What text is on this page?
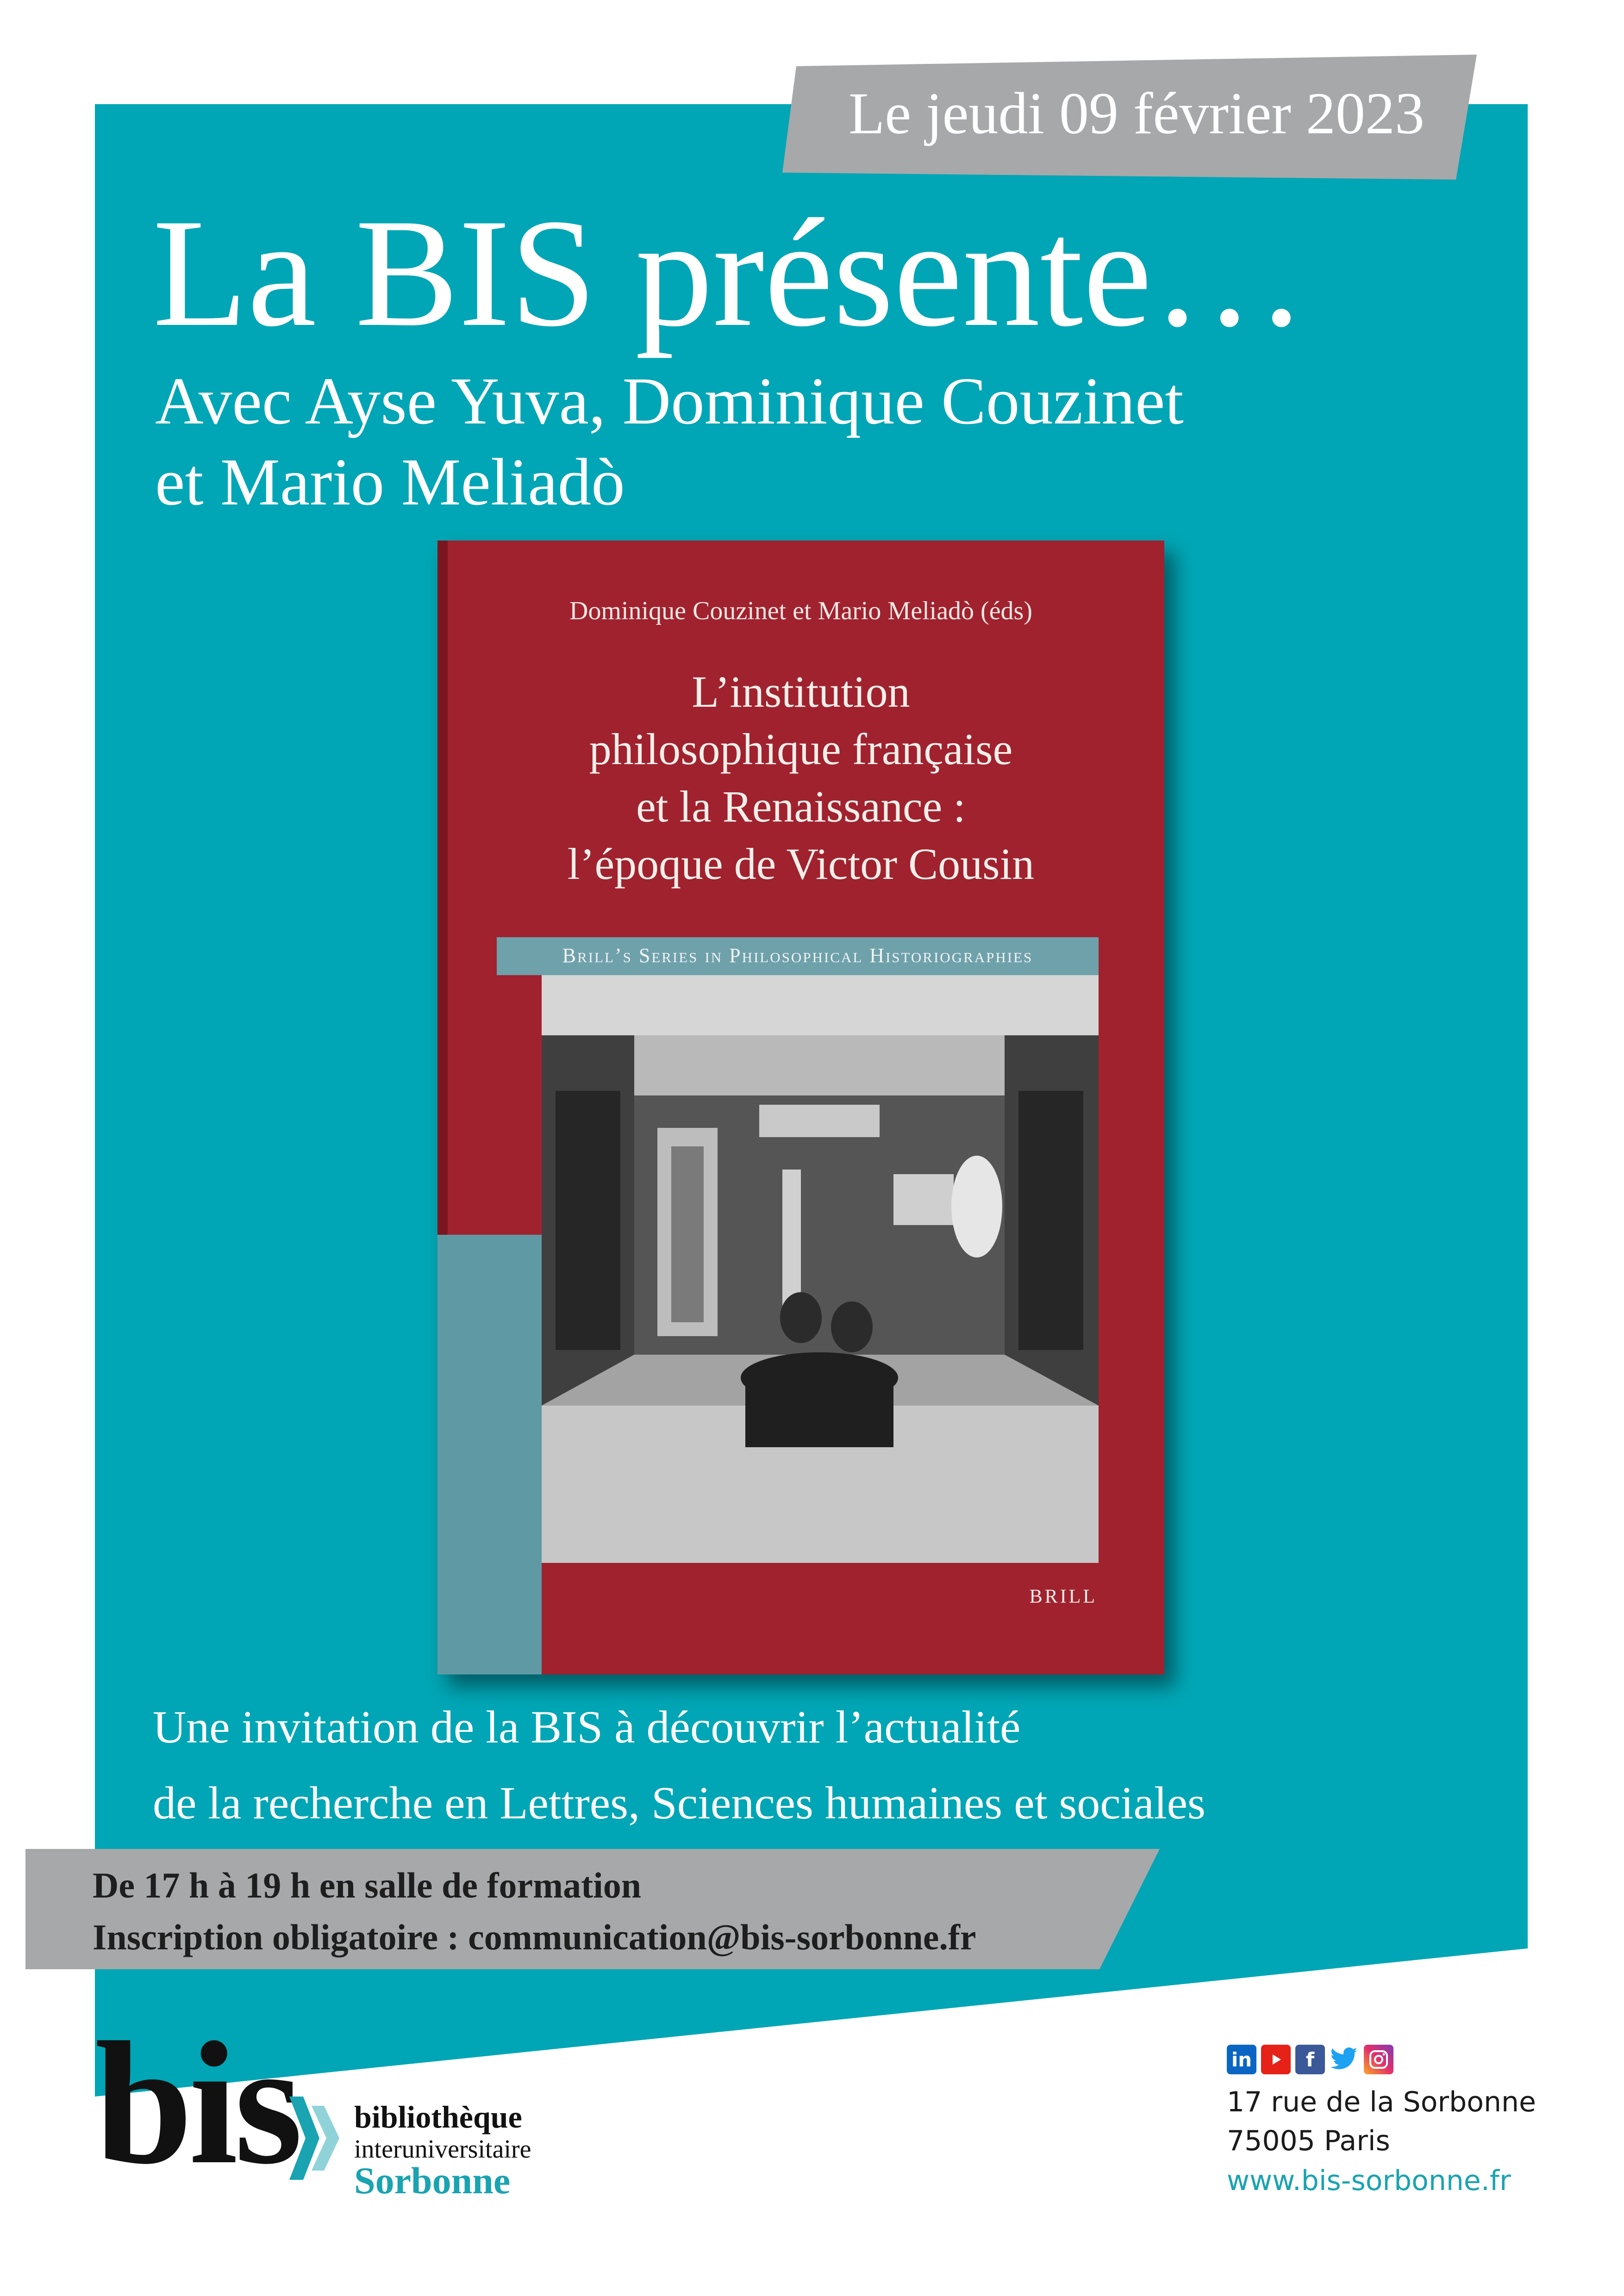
Le jeudi 09 février 2023
La BIS présente…
Avec Ayse Yuva, Dominique Couzinet
et Mario Meliadò
Dominique Couzinet et Mario Meliadò (éds)
L’institution
philosophique française
et la Renaissance :
l’époque de Victor Cousin
Brill’s Series in Philosophical Historiographies
BRILL
Une invitation de la BIS à découvrir l’actualité
de la recherche en Lettres, Sciences humaines et sociales
De 17 h à 19 h en salle de formation
Inscription obligatoire : communication@bis-sorbonne.fr
bis bibliothèque
interuniversitaire
Sorbonne
in	f
17 rue de la Sorbonne
75005 Paris
www.bis-sorbonne.fr
